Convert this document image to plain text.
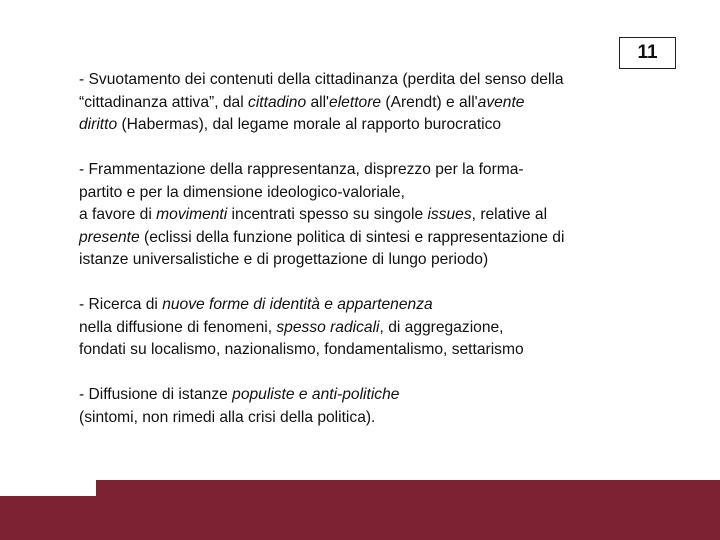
11
- Svuotamento dei contenuti della cittadinanza (perdita del senso della
“cittadinanza attiva”, dal cittadino all'elettore (Arendt) e all'avente
diritto (Habermas), dal legame morale al rapporto burocratico
- Frammentazione della rappresentanza, disprezzo per la forma-
partito e per la dimensione ideologico-valoriale,
a favore di movimenti incentrati spesso su singole issues, relative al
presente (eclissi della funzione politica di sintesi e rappresentazione di
istanze universalistiche e di progettazione di lungo periodo)
- Ricerca di nuove forme di identità e appartenenza
nella diffusione di fenomeni, spesso radicali, di aggregazione,
fondati su localismo, nazionalismo, fondamentalismo, settarismo
- Diffusione di istanze populiste e anti-politiche
(sintomi, non rimedi alla crisi della politica).
